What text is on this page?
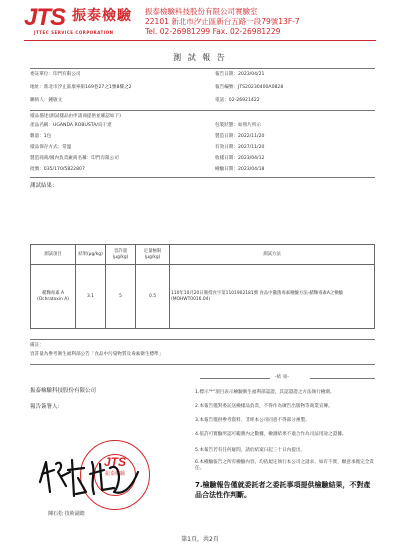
JTS 振泰檢驗
JTTEC SERVICE CORPORATION
振泰檢驗科技股份有限公司實驗室
22101 新北市汐止區新台五路一段79號13F-7
Tel. 02-26981299 Fax. 02-26981229
測 試 報 告
委託單位：印門有限公司
地址：新北市汐止區康寧街169巷27之1號8樓之2
聯絡人：鍾敏文
報告日期：2023/04/21
報告編號：JTS20230400A0828
電話：02-26921422
樣品描述(測試樣品由申請商提供並確認如下)
產品名稱：UGANDA ROBUSTA/烏干達
數量：1包
樣品保存方式：常溫
製造商商/國內負責廠商名稱：印門有限公司
批號：035/170/5822807
包裝狀態：如照片所示
製造日期：2022/11/20
有效日期：2027/11/20
收樣日期：2023/04/12
檢驗日期：2023/04/18
測試結果：
測試項目	結果(μg/kg)	容許量(μg/kg)	定量極限(μg/kg)	測試方法
赭麴毒素 A (Ochratoxin A)	3.1	5	0.5	110年10月20日衛授食字第1101902181號 食品中黴菌毒素檢驗方法-赭麴毒素A之檢驗(MOHWT0016.04)
備註：
容許量為參考衛生福利部公告「食品中污染物質及毒素衛生標準」
-結 束-
振泰檢驗科技股份有限公司
報告簽署人：
JTS
振泰檢驗
陳石松 技術副總
1.標示"*"項目表示檢驗衛生福利部認證，其認證證之方法執行檢測。
2.本報告僅對委託送檢樣品負責，不得作為廣告出版物等商業宣傳。
3.本報告僅供參考資料，非經本公司同意不得部分複製。
4.依許可實驗所認可範圍內之數據，檢測結果不適合作為司法用途之證據。
5.本報告若有任何疑問，請於結案日起三十日內提出。
6.本檢驗報告之所有檢驗內容，均依規定執行本公司之請求，如有不實，願意承擔完全責任。
7.檢驗報告僅就委託者之委託事項提供檢驗結果，不對產品合法性作判斷。
第1頁，共2頁
